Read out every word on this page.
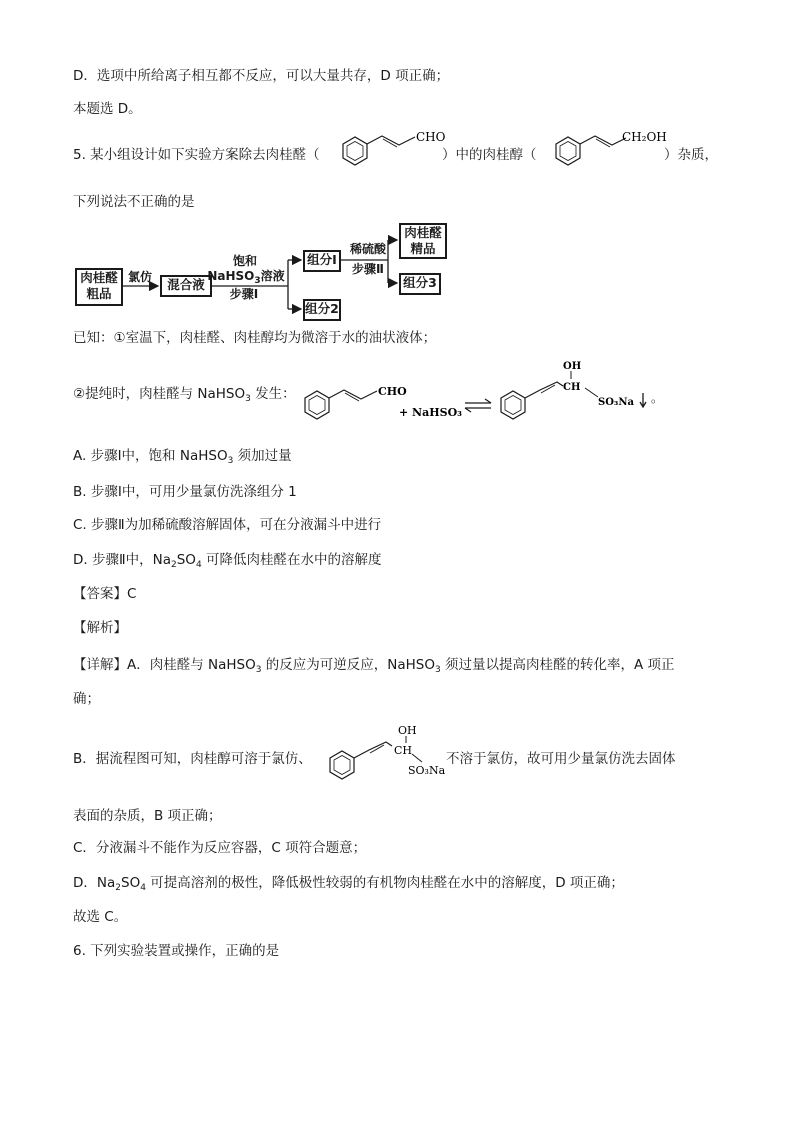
D．选项中所给离子相互都不反应，可以大量共存，D 项正确；
本题选 D。
5. 某小组设计如下实验方案除去肉桂醛（	）中的肉桂醇（	）杂质，
CHO	CH₂OH
下列说法不正确的是
肉桂醛粗品
氯仿	混合液
饱和
NaHSO$_3$溶液
步骤Ⅰ
组分Ⅰ
组分2
稀硫酸
步骤Ⅱ
肉桂醛精品
组分3
已知：①室温下，肉桂醛、肉桂醇均为微溶于水的油状液体；
②提纯时，肉桂醛与 NaHSO$_3$ 发生：	CHO
+ NaHSO₃
OH
CH
SO₃Na 。
A. 步骤Ⅰ中，饱和 NaHSO$_3$ 须加过量
B. 步骤Ⅰ中，可用少量氯仿洗涤组分 1
C. 步骤Ⅱ为加稀硫酸溶解固体，可在分液漏斗中进行
D. 步骤Ⅱ中，$Na_2SO_4$ 可降低肉桂醛在水中的溶解度
【答案】C
【解析】
【详解】A．肉桂醛与 NaHSO$_3$ 的反应为可逆反应，NaHSO$_3$ 须过量以提高肉桂醛的转化率，A 项正
确；
B．据流程图可知，肉桂醇可溶于氯仿、
OH
CH
SO₃Na
不溶于氯仿，故可用少量氯仿洗去固体
表面的杂质，B 项正确；
C．分液漏斗不能作为反应容器，C 项符合题意；
D．$Na_2SO_4$ 可提高溶剂的极性，降低极性较弱的有机物肉桂醛在水中的溶解度，D 项正确；
故选 C。
6. 下列实验装置或操作，正确的是
